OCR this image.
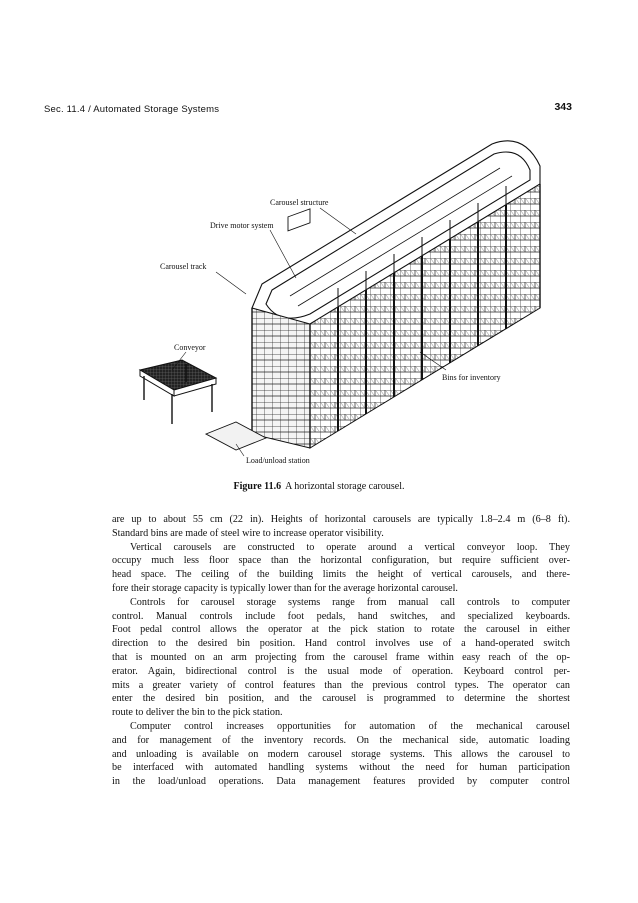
Sec. 11.4 / Automated Storage Systems	343
Carousel structure
Drive motor system
Carousel track
Conveyor
Bins for inventory
Load/unload station
Figure 11.6 A horizontal storage carousel.

are up to about 55 cm (22 in). Heights of horizontal carousels are typically 1.8–2.4 m (6–8 ft).

Standard bins are made of steel wire to increase operator visibility.

Vertical carousels are constructed to operate around a vertical conveyor loop. They

occupy much less floor space than the horizontal configuration, but require sufficient over-

head space. The ceiling of the building limits the height of vertical carousels, and there-

fore their storage capacity is typically lower than for the average horizontal carousel.

Controls for carousel storage systems range from manual call controls to computer

control. Manual controls include foot pedals, hand switches, and specialized keyboards.

Foot pedal control allows the operator at the pick station to rotate the carousel in either

direction to the desired bin position. Hand control involves use of a hand-operated switch

that is mounted on an arm projecting from the carousel frame within easy reach of the op-

erator. Again, bidirectional control is the usual mode of operation. Keyboard control per-

mits a greater variety of control features than the previous control types. The operator can

enter the desired bin position, and the carousel is programmed to determine the shortest

route to deliver the bin to the pick station.

Computer control increases opportunities for automation of the mechanical carousel

and for management of the inventory records. On the mechanical side, automatic loading

and unloading is available on modern carousel storage systems. This allows the carousel to

be interfaced with automated handling systems without the need for human participation

in the load/unload operations. Data management features provided by computer control
